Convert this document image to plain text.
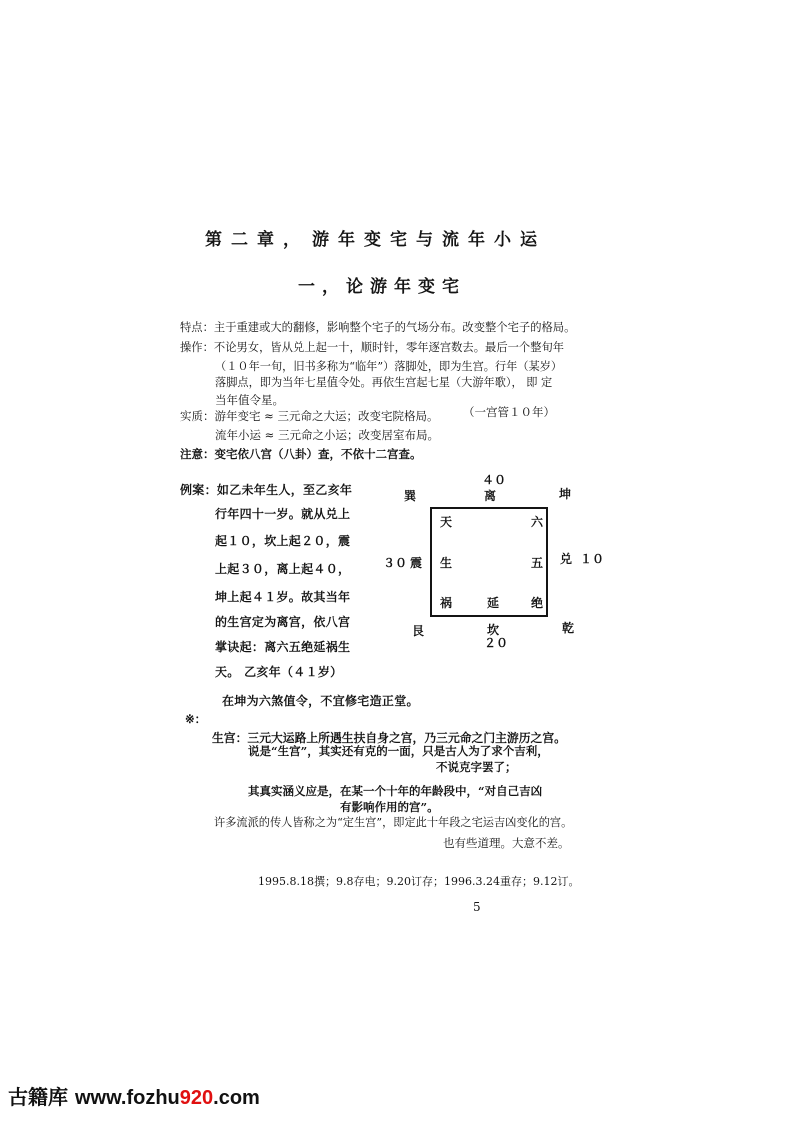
第二章， 游年变宅与流年小运
一，论游年变宅
特点：主于重建或大的翻修，影响整个宅子的气场分布。改变整个宅子的格局。
操作：不论男女，皆从兑上起一十，顺时针，零年逐宫数去。最后一个整旬年
（１０年一旬，旧书多称为“临年”）落脚处，即为生宫。行年（某岁）
落脚点，即为当年七星值令处。再依生宫起七星（大游年歌）， 即 定
当年值令星。
实质：游年变宅 ≈ 三元命之大运；改变宅院格局。 （一宫管１０年）
流年小运 ≈ 三元命之小运；改变居室布局。
注意：变宅依八宫（八卦）查，不依十二宫查。
例案：如乙未年生人，至乙亥年
行年四十一岁。就从兑上
起１０，坎上起２０，震
上起３０，离上起４０，
坤上起４１岁。故其当年
的生宫定为离宫，依八宫
掌诀起：离六五绝延祸生
天。 乙亥年（４１岁）
在坤为六煞值令，不宜修宅造正堂。
４０
巽	离	坤
天	六
生	五
祸	延	绝
３０ 震	兑 １０
艮	坎	乾
２０
※：
生宫：三元大运路上所遇生扶自身之宫，乃三元命之门主游历之宫。
说是“生宫”，其实还有克的一面，只是古人为了求个吉利，
不说克字罢了；
其真实涵义应是，在某一个十年的年龄段中，“对自己吉凶
有影响作用的宫”。
许多流派的传人皆称之为“定生宫”，即定此十年段之宅运吉凶变化的宫。
也有些道理。大意不差。
1995.8.18撰；9.8存电；9.20订存；1996.3.24重存；9.12订。
5
古籍库 www.fozhu920.com
